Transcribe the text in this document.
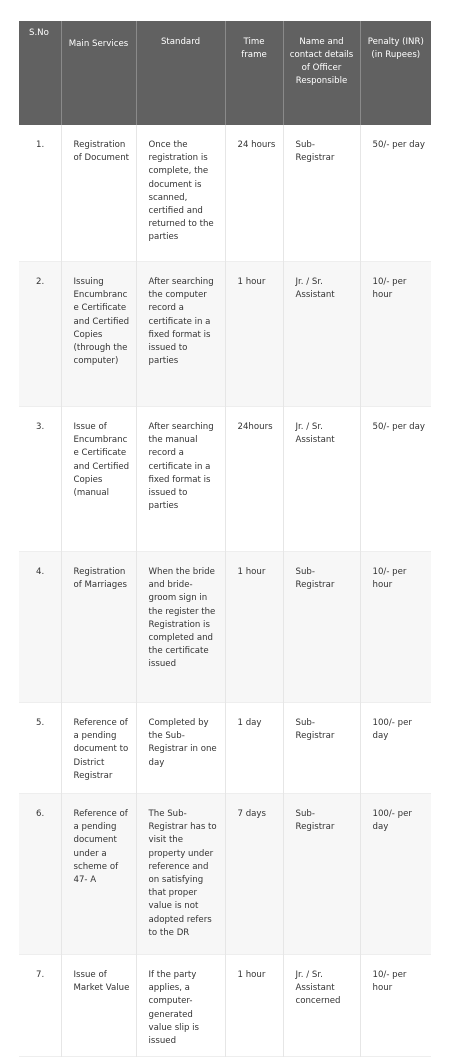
S.No	Main Services	Standard	Time frame	Name and contact details of Officer Responsible	Penalty (INR) (in Rupees)
1.	Registration of Document	Once the registration is complete, the document is scanned, certified and returned to the parties	24 hours	Sub-Registrar	50/- per day
2.	Issuing Encumbrance Certificate and Certified Copies (through the computer)	After searching the computer record a certificate in a fixed format is issued to parties	1 hour	Jr. / Sr. Assistant	10/- per hour
3.	Issue of Encumbrance Certificate and Certified Copies (manual	After searching the manual record a certificate in a fixed format is issued to parties	24hours	Jr. / Sr. Assistant	50/- per day
4.	Registration of Marriages	When the bride and bride-groom sign in the register the Registration is completed and the certificate issued	1 hour	Sub-Registrar	10/- per hour
5.	Reference of a pending document to District Registrar	Completed by the Sub-Registrar in one day	1 day	Sub-Registrar	100/- per day
6.	Reference of a pending document under a scheme of 47- A	The Sub-Registrar has to visit the property under reference and on satisfying that proper value is not adopted refers to the DR	7 days	Sub-Registrar	100/- per day
7.	Issue of Market Value	If the party applies, a computer-generated value slip is issued	1 hour	Jr. / Sr. Assistant concerned	10/- per hour
